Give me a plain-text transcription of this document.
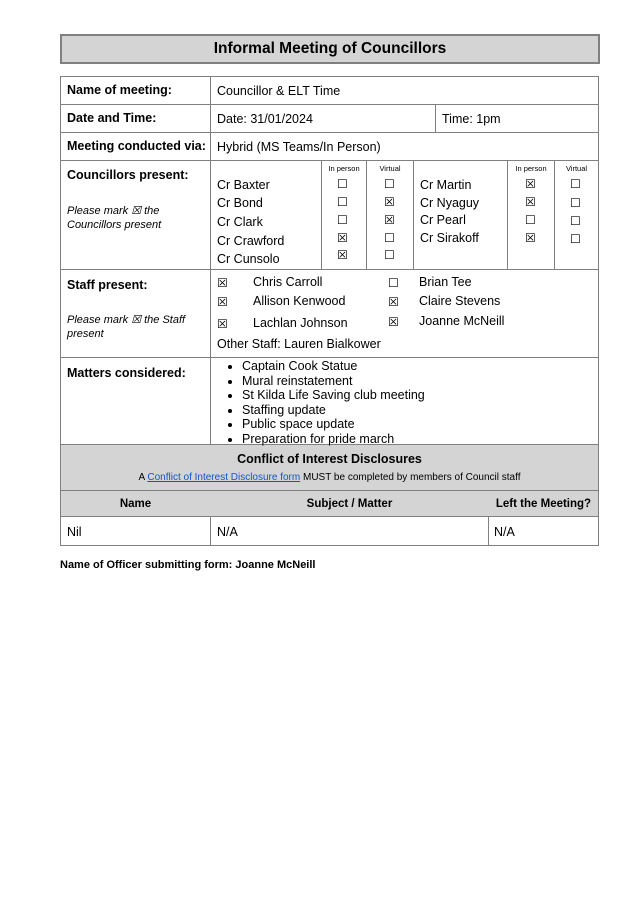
Informal Meeting of Councillors
Name of meeting:	Councillor & ELT Time
Date and Time:	Date: 31/01/2024	Time: 1pm
Meeting conducted via: Hybrid (MS Teams/In Person)
Councillors present:
Please mark ☒ the Councillors present
In person	Virtual	In person	Virtual
Cr Baxter	☐	☐
Cr Bond	☐	☒
Cr Clark	☐	☒
Cr Crawford	☒	☐
Cr Cunsolo	☒	☐
Cr Martin	☒	☐
Cr Nyaguy	☒	☐
Cr Pearl	☐	☐
Cr Sirakoff	☒	☐
Staff present:
Please mark ☒ the Staff present
☒ Chris Carroll
☒ Allison Kenwood
☒ Lachlan Johnson
☐ Brian Tee
☒ Claire Stevens
☒ Joanne McNeill
Other Staff: Lauren Bialkower
Matters considered:
•	Captain Cook Statue
• Mural reinstatement
• St Kilda Life Saving club meeting
• Staffing update
• Public space update
• Preparation for pride march
Conflict of Interest Disclosures
A Conflict of Interest Disclosure form MUST be completed by members of Council staff
Name	Subject / Matter	Left the Meeting?
Nil	N/A	N/A
Name of Officer submitting form: Joanne McNeill
